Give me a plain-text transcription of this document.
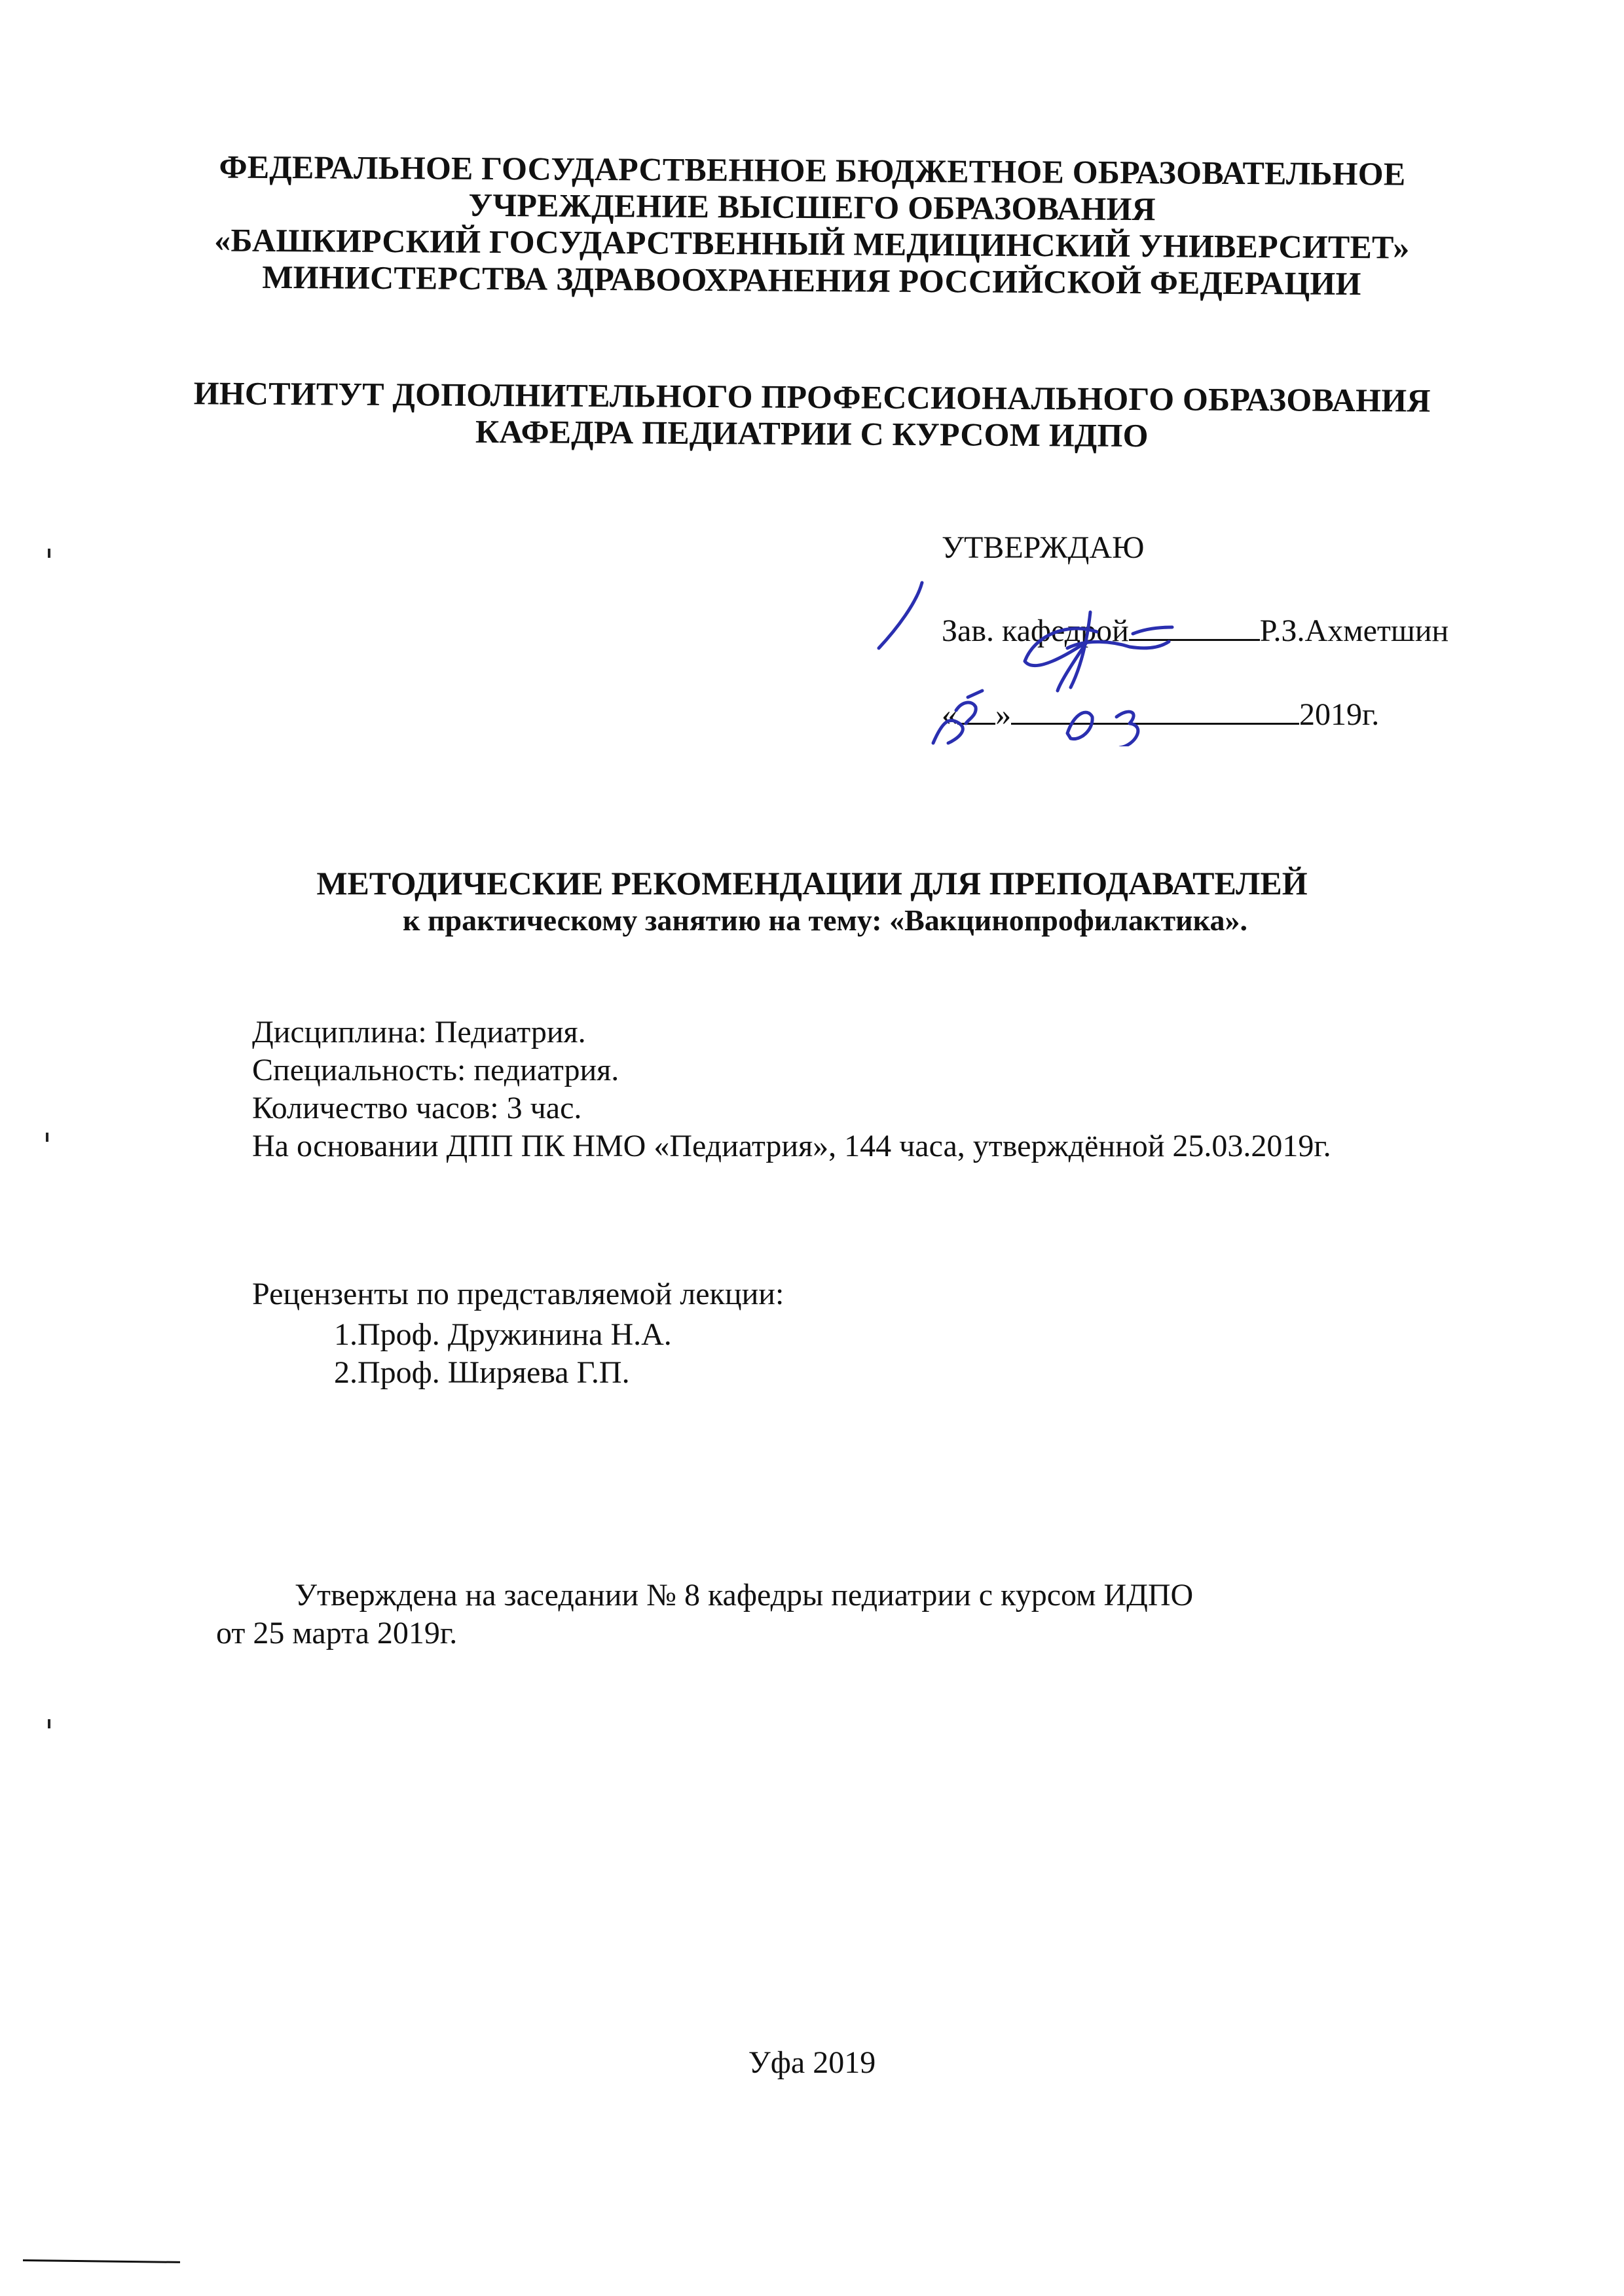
ФЕДЕРАЛЬНОЕ ГОСУДАРСТВЕННОЕ БЮДЖЕТНОЕ ОБРАЗОВАТЕЛЬНОЕ
УЧРЕЖДЕНИЕ ВЫСШЕГО ОБРАЗОВАНИЯ
«БАШКИРСКИЙ ГОСУДАРСТВЕННЫЙ МЕДИЦИНСКИЙ УНИВЕРСИТЕТ»
МИНИСТЕРСТВА ЗДРАВООХРАНЕНИЯ РОССИЙСКОЙ ФЕДЕРАЦИИ
ИНСТИТУТ ДОПОЛНИТЕЛЬНОГО ПРОФЕССИОНАЛЬНОГО ОБРАЗОВАНИЯ
КАФЕДРА ПЕДИАТРИИ С КУРСОМ ИДПО
УТВЕРЖДАЮ
Зав. кафедрой	Р.З.Ахметшин
« »	2019г.
МЕТОДИЧЕСКИЕ РЕКОМЕНДАЦИИ ДЛЯ ПРЕПОДАВАТЕЛЕЙ
к практическому занятию на тему: «Вакцинопрофилактика».
Дисциплина: Педиатрия.
Специальность: педиатрия.
Количество часов: 3 час.
На основании ДПП ПК НМО «Педиатрия», 144 часа, утверждённой 25.03.2019г.
Рецензенты по представляемой лекции:
1.Проф. Дружинина Н.А.
2.Проф. Ширяева Г.П.
Утверждена на заседании № 8 кафедры педиатрии с курсом ИДПО
от 25 марта 2019г.
Уфа 2019
